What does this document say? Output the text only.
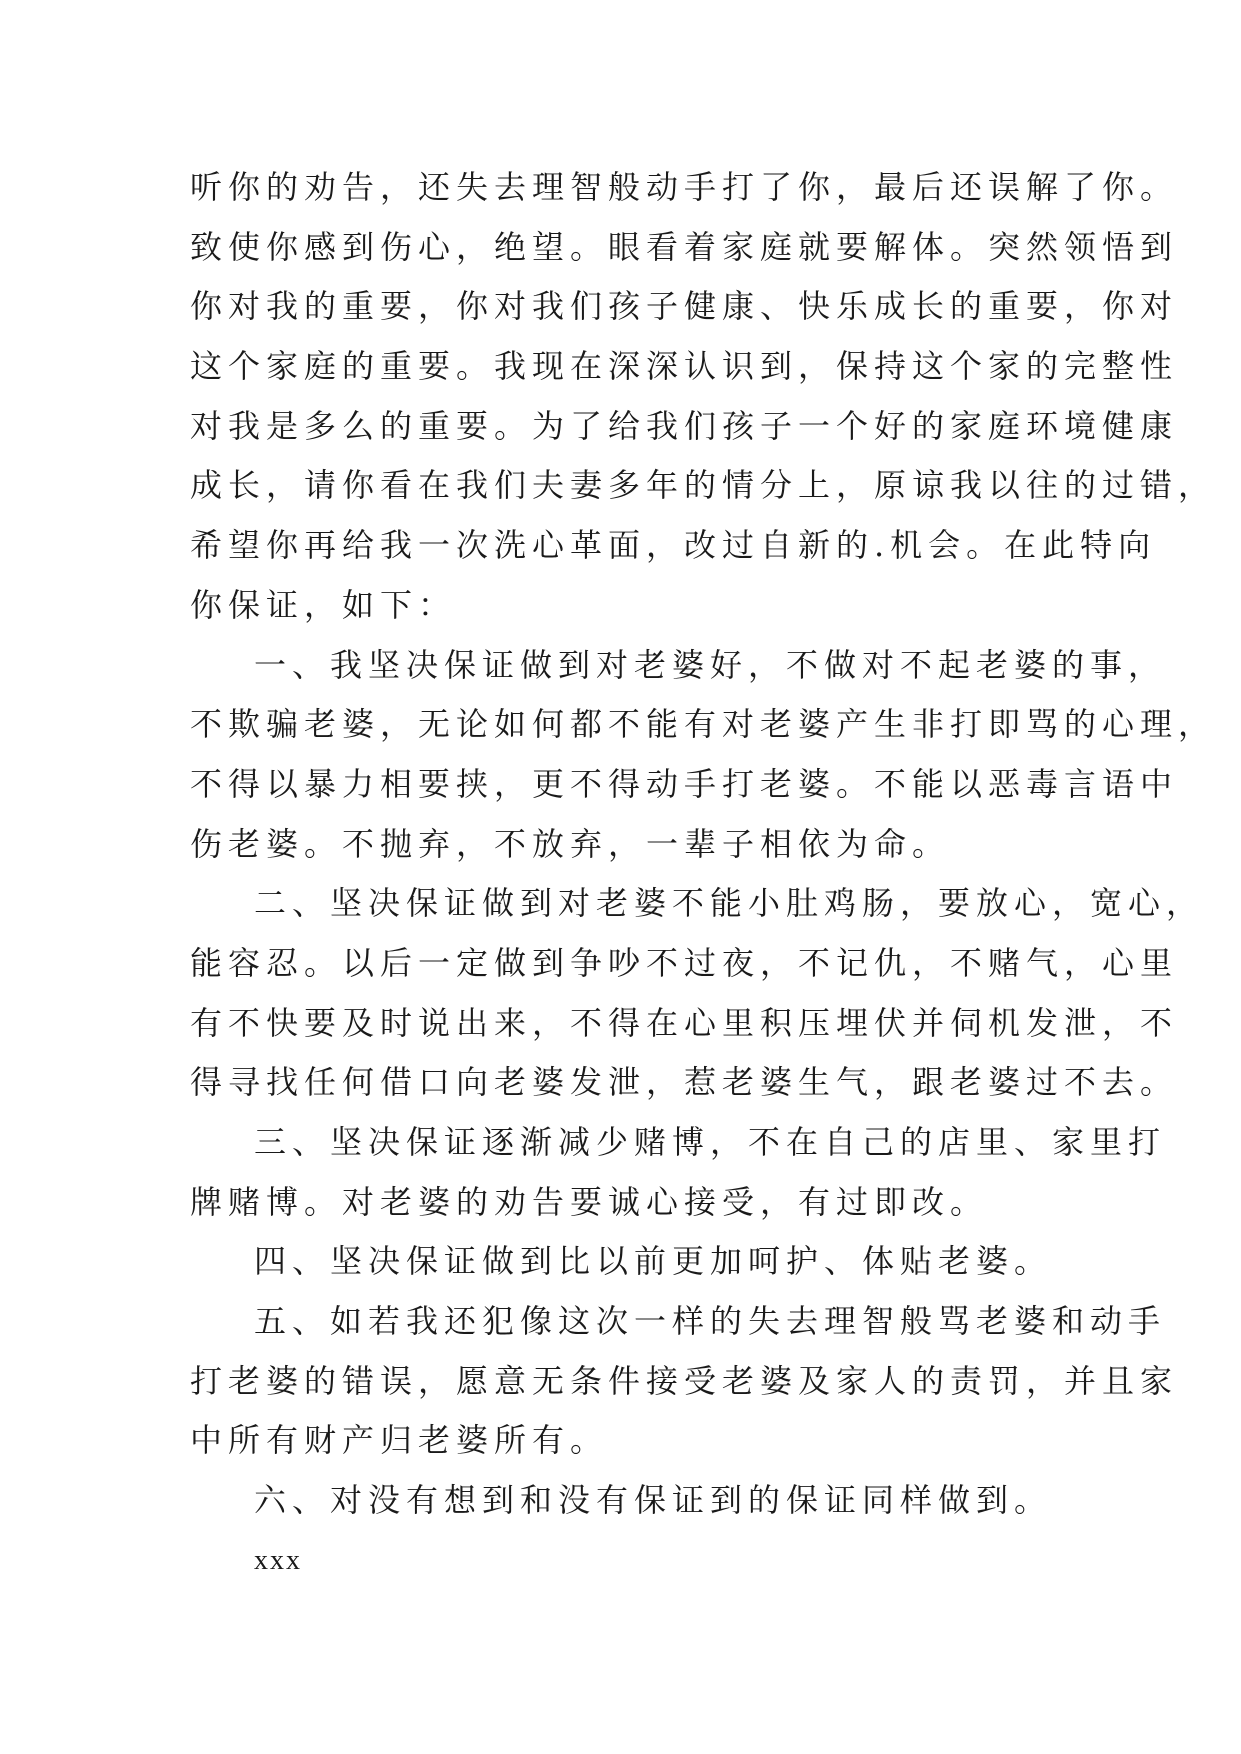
听你的劝告，还失去理智般动手打了你，最后还误解了你。
致使你感到伤心，绝望。眼看着家庭就要解体。突然领悟到
你对我的重要，你对我们孩子健康、快乐成长的重要，你对
这个家庭的重要。我现在深深认识到，保持这个家的完整性
对我是多么的重要。为了给我们孩子一个好的家庭环境健康
成长，请你看在我们夫妻多年的情分上，原谅我以往的过错，
希望你再给我一次洗心革面，改过自新的.机会。在此特向
你保证，如下：
一、我坚决保证做到对老婆好，不做对不起老婆的事，
不欺骗老婆，无论如何都不能有对老婆产生非打即骂的心理，
不得以暴力相要挟，更不得动手打老婆。不能以恶毒言语中
伤老婆。不抛弃，不放弃，一辈子相依为命。
二、坚决保证做到对老婆不能小肚鸡肠，要放心，宽心，
能容忍。以后一定做到争吵不过夜，不记仇，不赌气，心里
有不快要及时说出来，不得在心里积压埋伏并伺机发泄，不
得寻找任何借口向老婆发泄，惹老婆生气，跟老婆过不去。
三、坚决保证逐渐减少赌博，不在自己的店里、家里打
牌赌博。对老婆的劝告要诚心接受，有过即改。
四、坚决保证做到比以前更加呵护、体贴老婆。
五、如若我还犯像这次一样的失去理智般骂老婆和动手
打老婆的错误，愿意无条件接受老婆及家人的责罚，并且家
中所有财产归老婆所有。
六、对没有想到和没有保证到的保证同样做到。
xxx
